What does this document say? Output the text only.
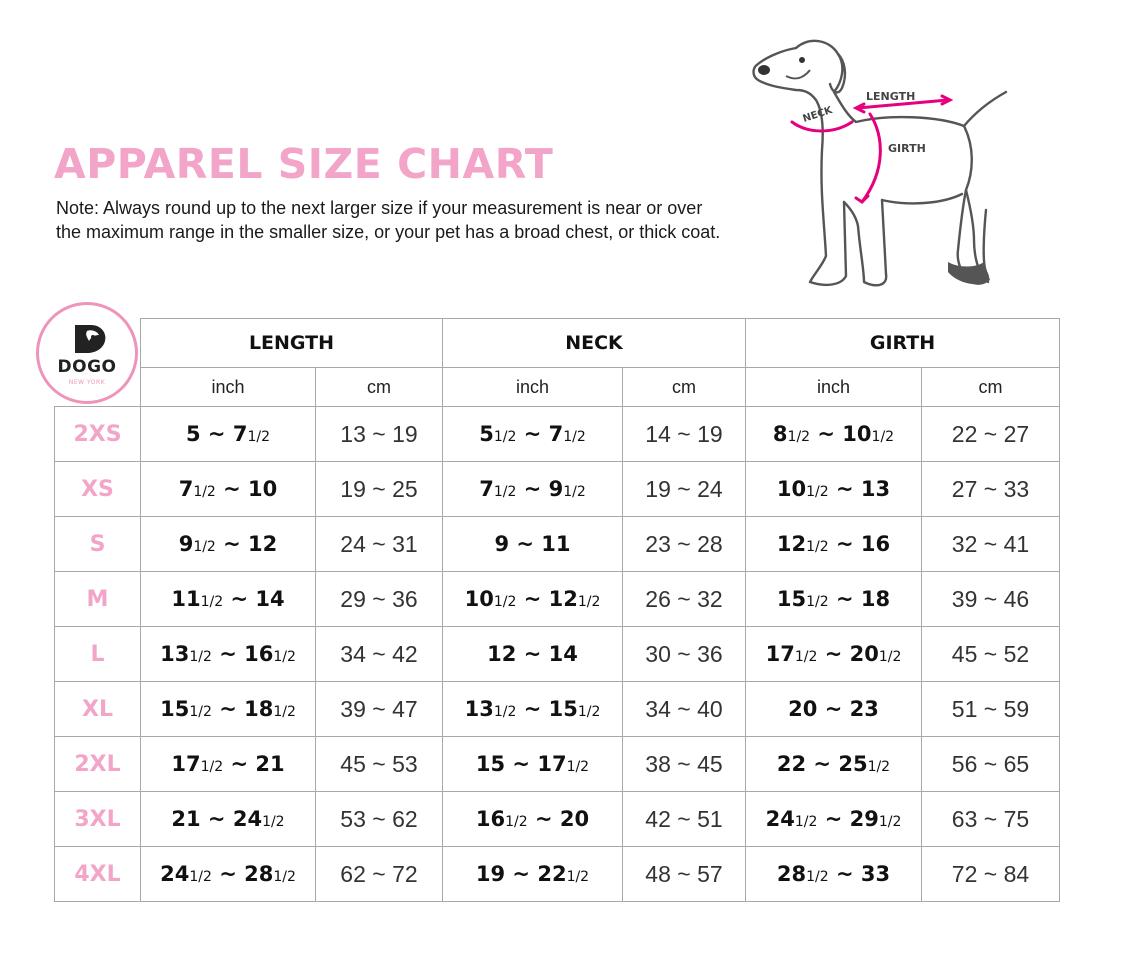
APPAREL SIZE CHART
Note: Always round up to the next larger size if your measurement is near or over the maximum range in the smaller size, or your pet has a broad chest, or thick coat.
LENGTH
NECK
GIRTH
DOGO
NEW YORK
	LENGTH		NECK		GIRTH	
	inch	cm	inch	cm	inch	cm
2XS	5 ~ 71/2	13 ~ 19	51/2 ~ 71/2	14 ~ 19	81/2 ~ 101/2	22 ~ 27
XS	71/2 ~ 10	19 ~ 25	71/2 ~ 91/2	19 ~ 24	101/2 ~ 13	27 ~ 33
S	91/2 ~ 12	24 ~ 31	9 ~ 11	23 ~ 28	121/2 ~ 16	32 ~ 41
M	111/2 ~ 14	29 ~ 36	101/2 ~ 121/2	26 ~ 32	151/2 ~ 18	39 ~ 46
L	131/2 ~ 161/2	34 ~ 42	12 ~ 14	30 ~ 36	171/2 ~ 201/2	45 ~ 52
XL	151/2 ~ 181/2	39 ~ 47	131/2 ~ 151/2	34 ~ 40	20 ~ 23	51 ~ 59
2XL	171/2 ~ 21	45 ~ 53	15 ~ 171/2	38 ~ 45	22 ~ 251/2	56 ~ 65
3XL	21 ~ 241/2	53 ~ 62	161/2 ~ 20	42 ~ 51	241/2 ~ 291/2	63 ~ 75
4XL	241/2 ~ 281/2	62 ~ 72	19 ~ 221/2	48 ~ 57	281/2 ~ 33	72 ~ 84
